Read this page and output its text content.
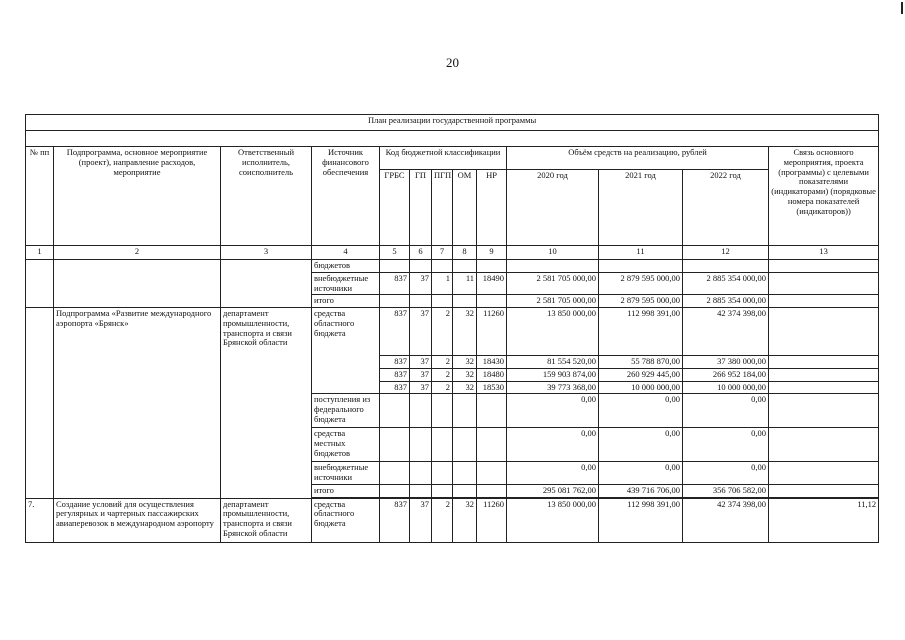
20
План реализации государственной программы												

№ пп	Подпрограмма, основное мероприятие (проект), направление расходов, мероприятие	Ответственный исполнитель, соисполнитель	Источник финансового обеспечения	Код бюджетной классификации					Объём средств на реализацию, рублей			Связь основного мероприятия, проекта (программы) с целевыми показателями (индикаторами) (порядковые номера показателей (индикаторов))
				ГРБС	ГП	ПГП	ОМ	НР	2020 год	2021 год	2022 год	
1	2	3	4	5	6	7	8	9	10	11	12	13
			бюджетов									
			внебюджетные источники	837	37	1	11	18490	2 581 705 000,00	2 879 595 000,00	2 885 354 000,00	
			итого						2 581 705 000,00	2 879 595 000,00	2 885 354 000,00	
	Подпрограмма «Развитие международного аэропорта «Брянск»	департамент промышленности, транспорта и связи Брянской области	средства областного бюджета	837	37	2	32	11260	13 850 000,00	112 998 391,00	42 374 398,00	
				837	37	2	32	18430	81 554 520,00	55 788 870,00	37 380 000,00	
				837	37	2	32	18480	159 903 874,00	260 929 445,00	266 952 184,00	
				837	37	2	32	18530	39 773 368,00	10 000 000,00	10 000 000,00	
			поступления из федерального бюджета						0,00	0,00	0,00	
			средства местных бюджетов						0,00	0,00	0,00	
			внебюджетные источники						0,00	0,00	0,00	
			итого						295 081 762,00	439 716 706,00	356 706 582,00	

7.	Создание условий для осуществления регулярных и чартерных пассажирских авиаперевозок в международном аэропорту	департамент промышленности, транспорта и связи Брянской области	средства областного бюджета	837	37	2	32	11260	13 850 000,00	112 998 391,00	42 374 398,00	11,12
